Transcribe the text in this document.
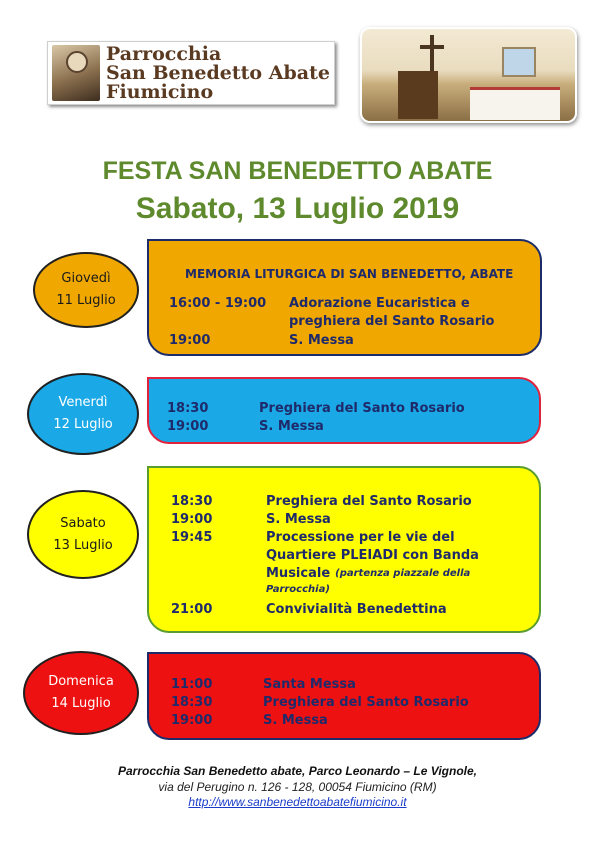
Parrocchia
San Benedetto Abate
Fiumicino
FESTA SAN BENEDETTO ABATE
Sabato, 13 Luglio 2019
Giovedì
11 Luglio
MEMORIA LITURGICA DI SAN BENEDETTO, ABATE
16:00 - 19:00	Adorazione Eucaristica e
preghiera del Santo Rosario
19:00	S. Messa
Venerdì
12 Luglio
18:30	Preghiera del Santo Rosario
19:00	S. Messa
Sabato
13 Luglio
18:30	Preghiera del Santo Rosario
19:00	S. Messa
19:45	Processione per le vie del
Quartiere PLEIADI con Banda
Musicale (partenza piazzale della
Parrocchia)
21:00	Convivialità Benedettina
Domenica
14 Luglio
11:00	Santa Messa
18:30	Preghiera del Santo Rosario
19:00	S. Messa
Parrocchia San Benedetto abate, Parco Leonardo – Le Vignole,
via del Perugino n. 126 - 128, 00054 Fiumicino (RM)
http://www.sanbenedettoabatefiumicino.it
